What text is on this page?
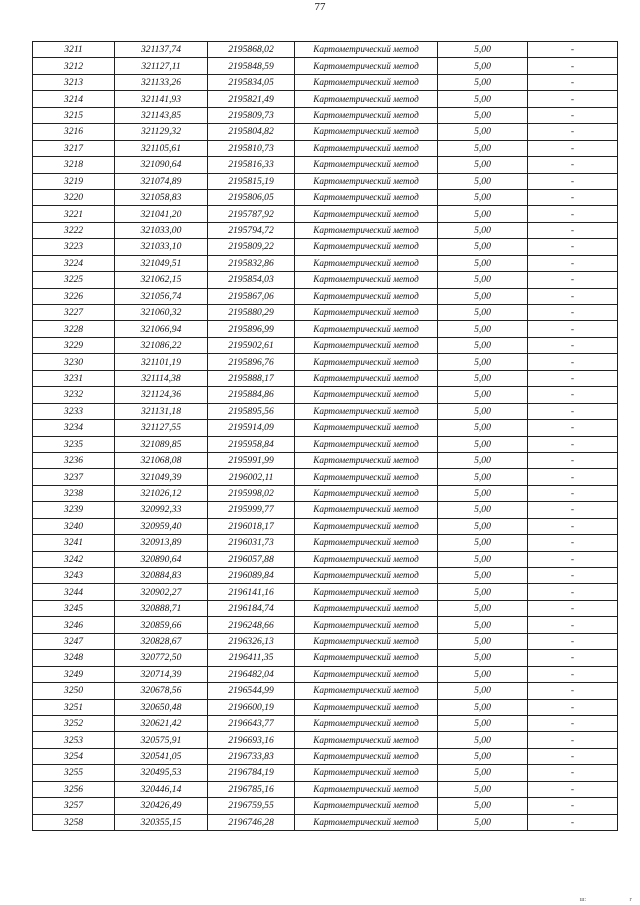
77
3211	321137,74	2195868,02	Картометрический метод	5,00	-
3212	321127,11	2195848,59	Картометрический метод	5,00	-
3213	321133,26	2195834,05	Картометрический метод	5,00	-
3214	321141,93	2195821,49	Картометрический метод	5,00	-
3215	321143,85	2195809,73	Картометрический метод	5,00	-
3216	321129,32	2195804,82	Картометрический метод	5,00	-
3217	321105,61	2195810,73	Картометрический метод	5,00	-
3218	321090,64	2195816,33	Картометрический метод	5,00	-
3219	321074,89	2195815,19	Картометрический метод	5,00	-
3220	321058,83	2195806,05	Картометрический метод	5,00	-
3221	321041,20	2195787,92	Картометрический метод	5,00	-
3222	321033,00	2195794,72	Картометрический метод	5,00	-
3223	321033,10	2195809,22	Картометрический метод	5,00	-
3224	321049,51	2195832,86	Картометрический метод	5,00	-
3225	321062,15	2195854,03	Картометрический метод	5,00	-
3226	321056,74	2195867,06	Картометрический метод	5,00	-
3227	321060,32	2195880,29	Картометрический метод	5,00	-
3228	321066,94	2195896,99	Картометрический метод	5,00	-
3229	321086,22	2195902,61	Картометрический метод	5,00	-
3230	321101,19	2195896,76	Картометрический метод	5,00	-
3231	321114,38	2195888,17	Картометрический метод	5,00	-
3232	321124,36	2195884,86	Картометрический метод	5,00	-
3233	321131,18	2195895,56	Картометрический метод	5,00	-
3234	321127,55	2195914,09	Картометрический метод	5,00	-
3235	321089,85	2195958,84	Картометрический метод	5,00	-
3236	321068,08	2195991,99	Картометрический метод	5,00	-
3237	321049,39	2196002,11	Картометрический метод	5,00	-
3238	321026,12	2195998,02	Картометрический метод	5,00	-
3239	320992,33	2195999,77	Картометрический метод	5,00	-
3240	320959,40	2196018,17	Картометрический метод	5,00	-
3241	320913,89	2196031,73	Картометрический метод	5,00	-
3242	320890,64	2196057,88	Картометрический метод	5,00	-
3243	320884,83	2196089,84	Картометрический метод	5,00	-
3244	320902,27	2196141,16	Картометрический метод	5,00	-
3245	320888,71	2196184,74	Картометрический метод	5,00	-
3246	320859,66	2196248,66	Картометрический метод	5,00	-
3247	320828,67	2196326,13	Картометрический метод	5,00	-
3248	320772,50	2196411,35	Картометрический метод	5,00	-
3249	320714,39	2196482,04	Картометрический метод	5,00	-
3250	320678,56	2196544,99	Картометрический метод	5,00	-
3251	320650,48	2196600,19	Картометрический метод	5,00	-
3252	320621,42	2196643,77	Картометрический метод	5,00	-
3253	320575,91	2196693,16	Картометрический метод	5,00	-
3254	320541,05	2196733,83	Картометрический метод	5,00	-
3255	320495,53	2196784,19	Картометрический метод	5,00	-
3256	320446,14	2196785,16	Картометрический метод	5,00	-
3257	320426,49	2196759,55	Картометрический метод	5,00	-
3258	320355,15	2196746,28	Картометрический метод	5,00	-
ш:	г
